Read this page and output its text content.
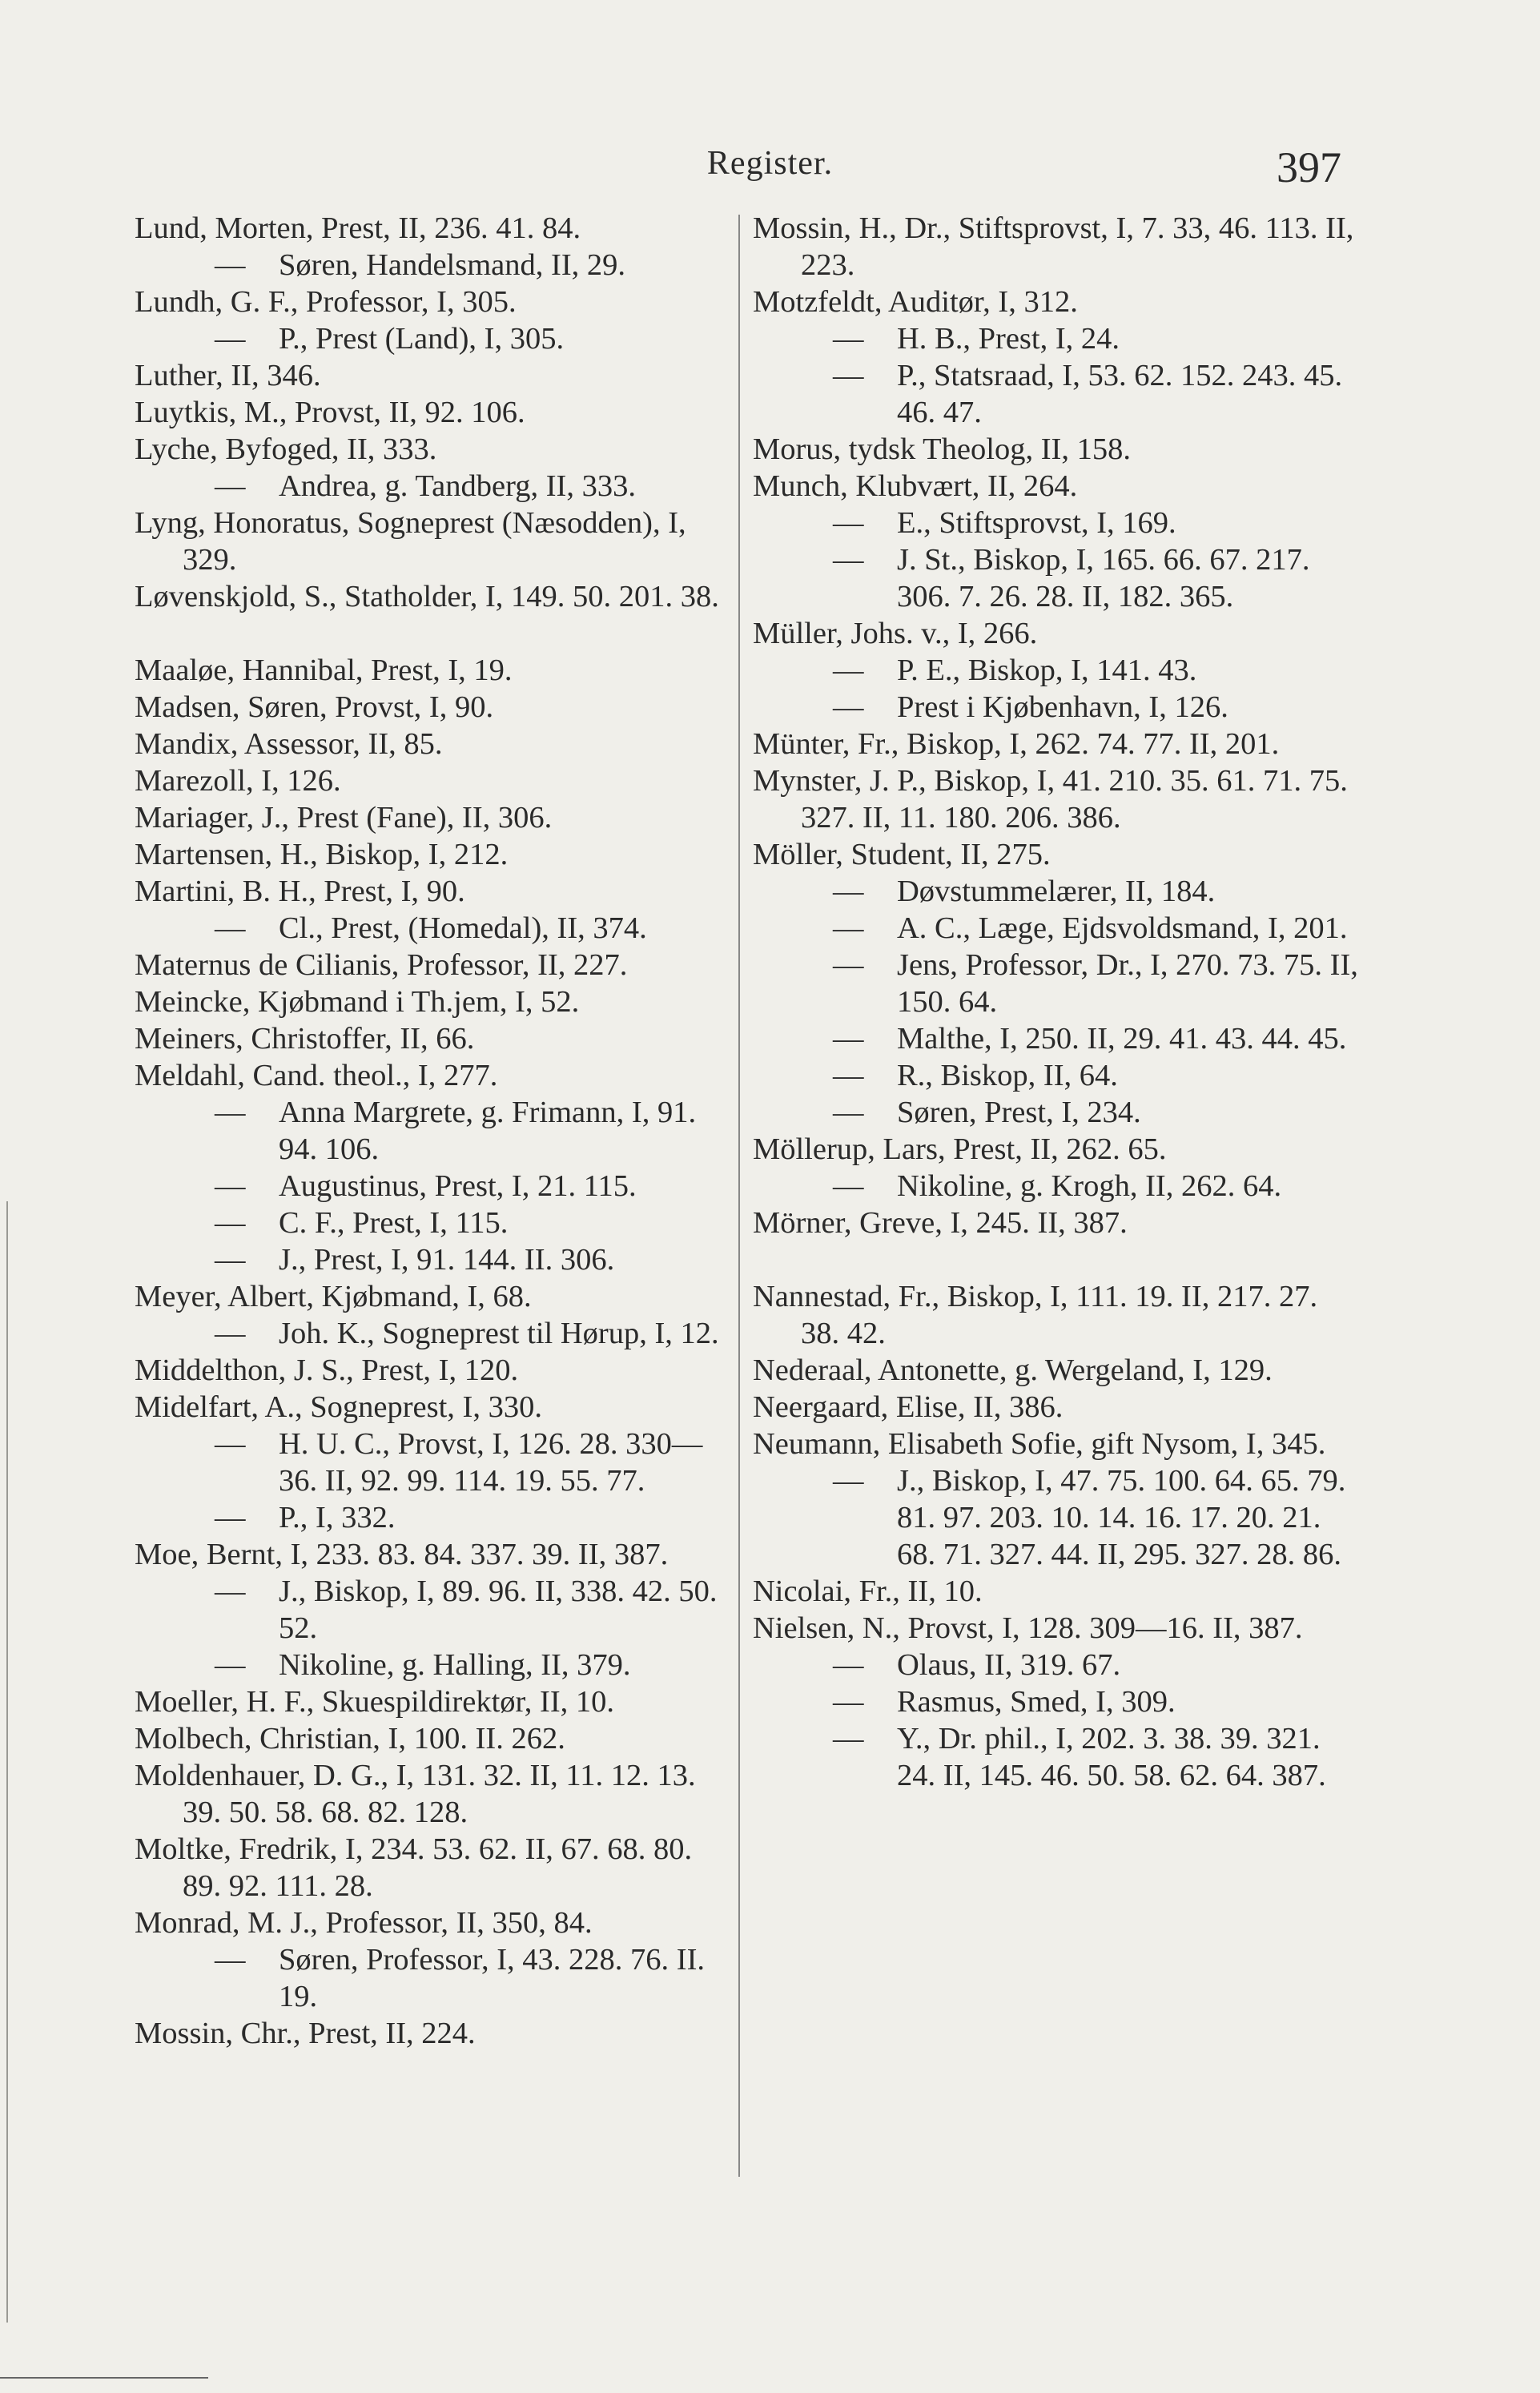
Register.	397

Lund, Morten, Prest, II, 236. 41. 84.

— Søren, Handelsmand, II, 29.

Lundh, G. F., Professor, I, 305.

— P., Prest (Land), I, 305.

Luther, II, 346.

Luytkis, M., Provst, II, 92. 106.

Lyche, Byfoged, II, 333.

— Andrea, g. Tandberg, II, 333.

Lyng, Honoratus, Sogneprest (Næsodden), I, 329.

Løvenskjold, S., Statholder, I, 149. 50. 201. 38.

Maaløe, Hannibal, Prest, I, 19.

Madsen, Søren, Provst, I, 90.

Mandix, Assessor, II, 85.

Marezoll, I, 126.

Mariager, J., Prest (Fane), II, 306.

Martensen, H., Biskop, I, 212.

Martini, B. H., Prest, I, 90.

— Cl., Prest, (Homedal), II, 374.

Maternus de Cilianis, Professor, II, 227.

Meincke, Kjøbmand i Th.jem, I, 52.

Meiners, Christoffer, II, 66.

Meldahl, Cand. theol., I, 277.

— Anna Margrete, g. Frimann, I, 91. 94. 106.

— Augustinus, Prest, I, 21. 115.

— C. F., Prest, I, 115.

— J., Prest, I, 91. 144. II. 306.

Meyer, Albert, Kjøbmand, I, 68.

— Joh. K., Sogneprest til Hørup, I, 12.

Middelthon, J. S., Prest, I, 120.

Midelfart, A., Sogneprest, I, 330.

— H. U. C., Provst, I, 126. 28. 330—36. II, 92. 99. 114. 19. 55. 77.

— P., I, 332.

Moe, Bernt, I, 233. 83. 84. 337. 39. II, 387.

— J., Biskop, I, 89. 96. II, 338. 42. 50. 52.

— Nikoline, g. Halling, II, 379.

Moeller, H. F., Skuespildirektør, II, 10.

Molbech, Christian, I, 100. II. 262.

Moldenhauer, D. G., I, 131. 32. II, 11. 12. 13. 39. 50. 58. 68. 82. 128.

Moltke, Fredrik, I, 234. 53. 62. II, 67. 68. 80. 89. 92. 111. 28.

Monrad, M. J., Professor, II, 350, 84.

— Søren, Professor, I, 43. 228. 76. II. 19.

Mossin, Chr., Prest, II, 224.

Mossin, H., Dr., Stiftsprovst, I, 7. 33, 46. 113. II, 223.

Motzfeldt, Auditør, I, 312.

— H. B., Prest, I, 24.

— P., Statsraad, I, 53. 62. 152. 243. 45. 46. 47.

Morus, tydsk Theolog, II, 158.

Munch, Klubvært, II, 264.

— E., Stiftsprovst, I, 169.

— J. St., Biskop, I, 165. 66. 67. 217. 306. 7. 26. 28. II, 182. 365.

Müller, Johs. v., I, 266.

— P. E., Biskop, I, 141. 43.

— Prest i Kjøbenhavn, I, 126.

Münter, Fr., Biskop, I, 262. 74. 77. II, 201.

Mynster, J. P., Biskop, I, 41. 210. 35. 61. 71. 75. 327. II, 11. 180. 206. 386.

Möller, Student, II, 275.

— Døvstummelærer, II, 184.

— A. C., Læge, Ejdsvoldsmand, I, 201.

— Jens, Professor, Dr., I, 270. 73. 75. II, 150. 64.

— Malthe, I, 250. II, 29. 41. 43. 44. 45.

— R., Biskop, II, 64.

— Søren, Prest, I, 234.

Möllerup, Lars, Prest, II, 262. 65.

— Nikoline, g. Krogh, II, 262. 64.

Mörner, Greve, I, 245. II, 387.

Nannestad, Fr., Biskop, I, 111. 19. II, 217. 27. 38. 42.

Nederaal, Antonette, g. Wergeland, I, 129.

Neergaard, Elise, II, 386.

Neumann, Elisabeth Sofie, gift Nysom, I, 345.

— J., Biskop, I, 47. 75. 100. 64. 65. 79. 81. 97. 203. 10. 14. 16. 17. 20. 21. 68. 71. 327. 44. II, 295. 327. 28. 86.

Nicolai, Fr., II, 10.

Nielsen, N., Provst, I, 128. 309—16. II, 387.

— Olaus, II, 319. 67.

— Rasmus, Smed, I, 309.

— Y., Dr. phil., I, 202. 3. 38. 39. 321. 24. II, 145. 46. 50. 58. 62. 64. 387.
